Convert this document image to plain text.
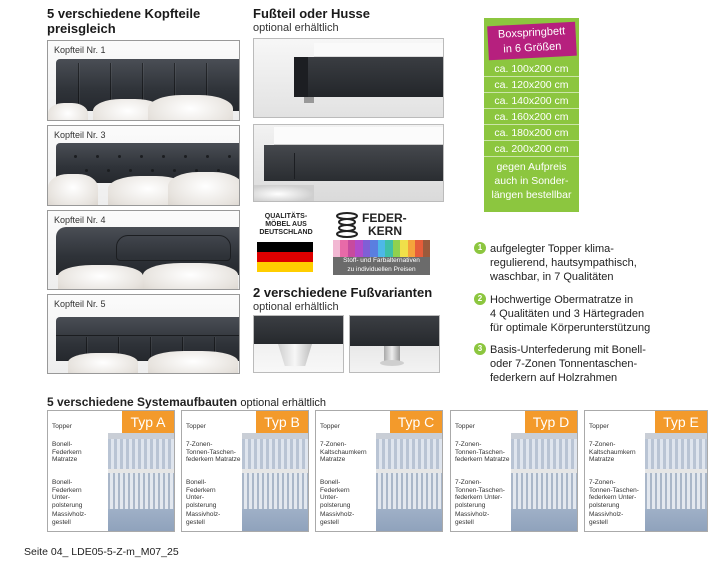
5 verschiedene Kopfteile
preisgleich
Kopfteil Nr. 1
Kopfteil Nr. 3
Kopfteil Nr. 4
Kopfteil Nr. 5
Fußteil oder Husse
optional erhältlich
QUALITÄTS-
MÖBEL AUS
DEUTSCHLAND
FEDER-
KERN
Stoff- und Farbalternativen
zu individuellen Preisen
2 verschiedene Fußvarianten
optional erhältlich
Boxspringbett
in 6 Größen
ca. 100x200 cm
ca. 120x200 cm
ca. 140x200 cm
ca. 160x200 cm
ca. 180x200 cm
ca. 200x200 cm
gegen Aufpreis
auch in Sonder-
längen bestellbar
1 aufgelegter Topper klima-
regulierend, hautsympathisch,
waschbar, in 7 Qualitäten
2 Hochwertige Obermatratze in
4 Qualitäten und 3 Härtegraden
für optimale Körperunterstützung
3 Basis-Unterfederung mit Bonell-
oder 7-Zonen Tonnentaschen-
federkern auf Holzrahmen
5 verschiedene Systemaufbauten optional erhältlich
Typ A
Topper
Bonell-
Federkern
Matratze
Bonell-
Federkern
Unter-
polsterung
Massivholz-
gestell
Typ B
Topper
7-Zonen-
Tonnen-Taschen-
federkern Matratze
Bonell-
Federkern
Unter-
polsterung
Massivholz-
gestell
Typ C
Topper
7-Zonen-
Kaltschaumkern
Matratze
Bonell-
Federkern
Unter-
polsterung
Massivholz-
gestell
Typ D
Topper
7-Zonen-
Tonnen-Taschen-
federkern Matratze
7-Zonen-
Tonnen-Taschen-
federkern Unter-
polsterung
Massivholz-
gestell
Typ E
Topper
7-Zonen-
Kaltschaumkern
Matratze
7-Zonen-
Tonnen-Taschen-
federkern Unter-
polsterung
Massivholz-
gestell
Seite 04_ LDE05-5-Z-m_M07_25
